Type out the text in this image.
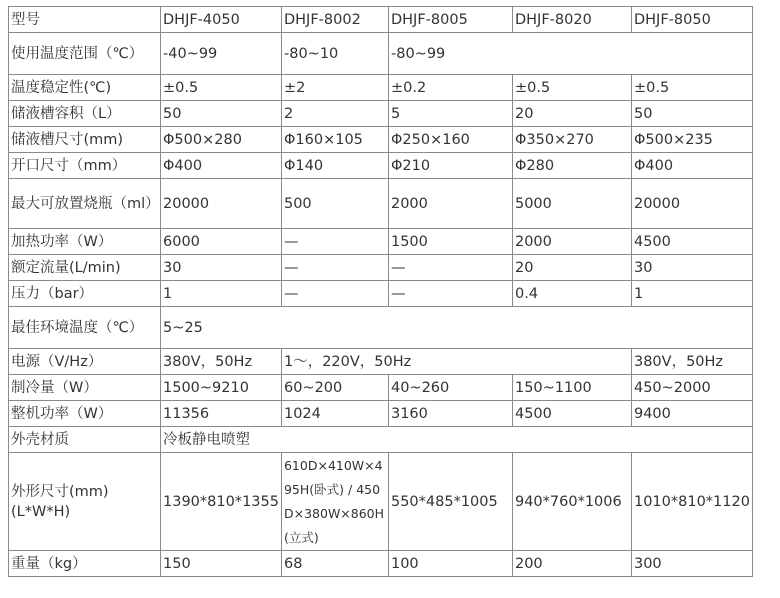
型号	DHJF-4050	DHJF-8002	DHJF-8005	DHJF-8020	DHJF-8050
使用温度范围（℃）	-40~99	-80~10	-80~99		
温度稳定性(℃)	±0.5	±2	±0.2	±0.5	±0.5
储液槽容积（L）	50	2	5	20	50
储液槽尺寸(mm)	Φ500×280	Φ160×105	Φ250×160	Φ350×270	Φ500×235
开口尺寸（mm）	Φ400	Φ140	Φ210	Φ280	Φ400
最大可放置烧瓶（ml）	20000	500	2000	5000	20000
加热功率（W）	6000	—	1500	2000	4500
额定流量(L/min)	30	—	—	20	30
压力（bar）	1	—	—	0.4	1
最佳环境温度（℃）	5~25				
电源（V/Hz）	380V，50Hz	1～，220V，50Hz			380V，50Hz
制冷量（W）	1500~9210	60~200	40~260	150~1100	450~2000
整机功率（W）	11356	1024	3160	4500	9400
外壳材质	冷板静电喷塑				
外形尺寸(mm)(L*W*H)	1390*810*1355	610D×410W×495H(卧式) / 450D×380W×860H(立式)	550*485*1005	940*760*1006	1010*810*1120
重量（kg）	150	68	100	200	300
